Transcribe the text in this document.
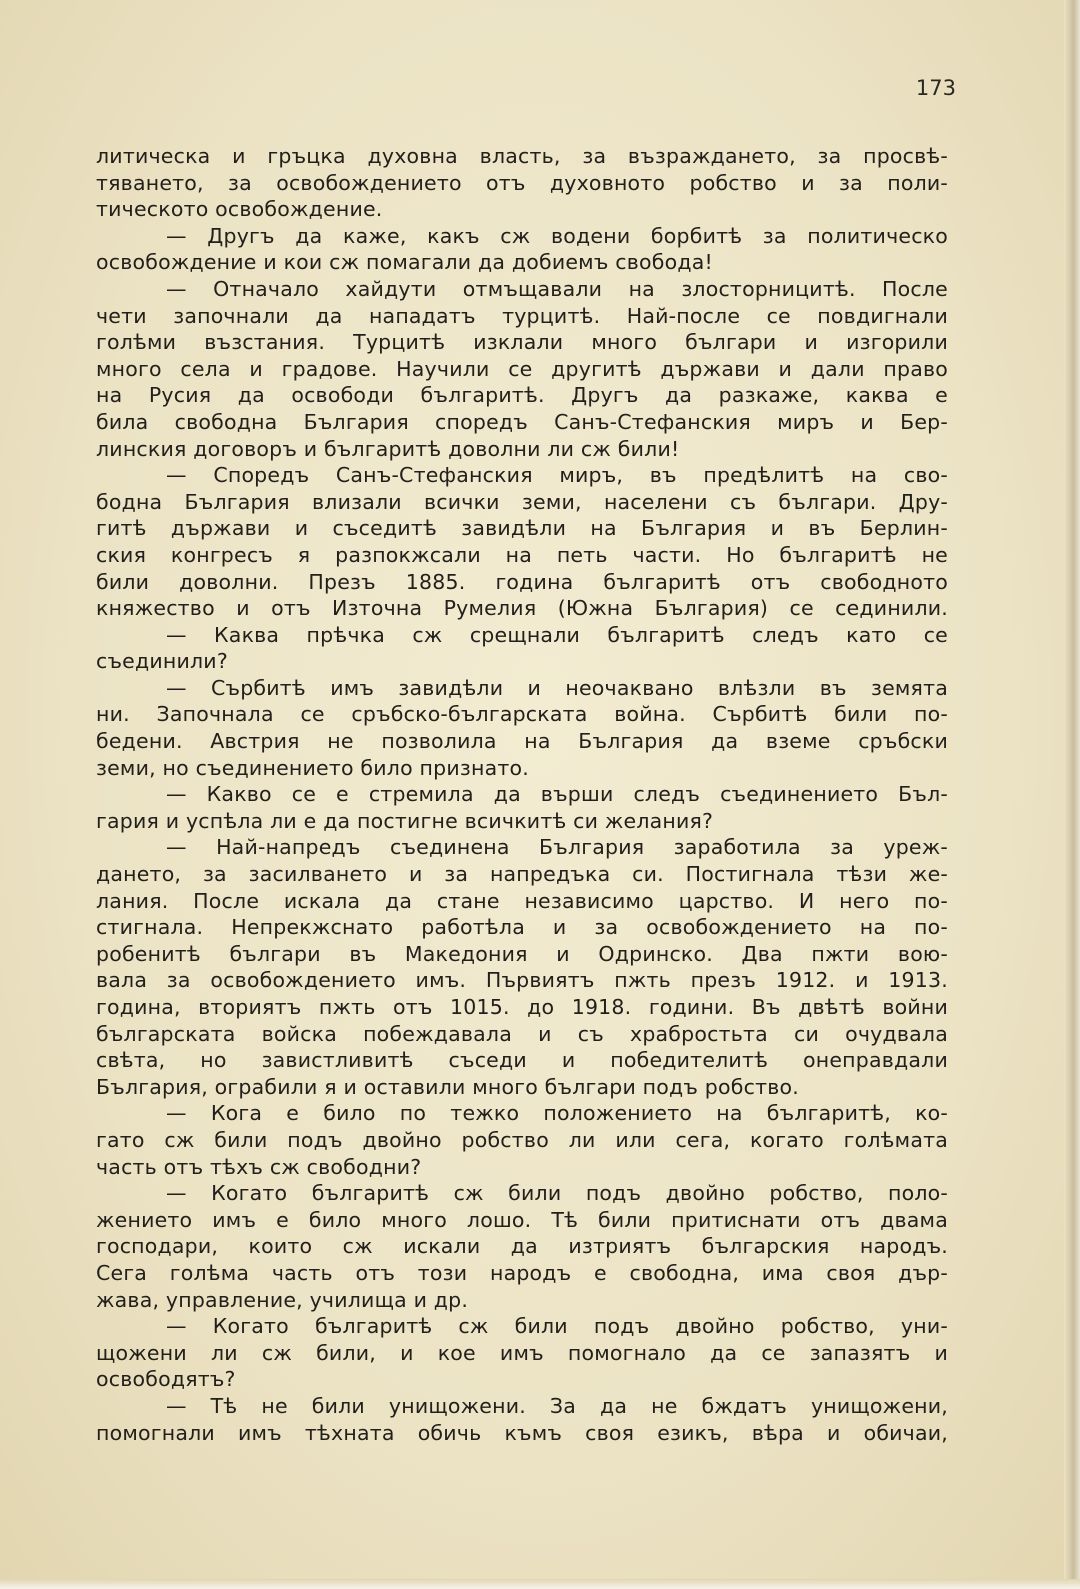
173
литическа и гръцка духовна власть, за възраждането, за просвѣ-
тяването, за освобождението отъ духовното робство и за поли-
тическото освобождение.
— Другъ да каже, какъ сж водени борбитѣ за политическо
освобождение и кои сж помагали да добиемъ свобода!
— Отначало хайдути отмъщавали на злосторницитѣ. После
чети започнали да нападатъ турцитѣ. Най-после се повдигнали
голѣми възстания. Турцитѣ изклали много българи и изгорили
много села и градове. Научили се другитѣ държави и дали право
на Русия да освободи българитѣ. Другъ да разкаже, каква е
била свободна България споредъ Санъ-Стефанския миръ и Бер-
линския договоръ и българитѣ доволни ли сж били!
— Споредъ Санъ-Стефанския миръ, въ предѣлитѣ на сво-
бодна България влизали всички земи, населени съ българи. Дру-
гитѣ държави и съседитѣ завидѣли на България и въ Берлин-
ския конгресъ я разпокжсали на петь части. Но българитѣ не
били доволни. Презъ 1885. година българитѣ отъ свободното
княжество и отъ Източна Румелия (Южна България) се сединили.
— Каква прѣчка сж срещнали българитѣ следъ като се
съединили?
— Сърбитѣ имъ завидѣли и неочаквано влѣзли въ земята
ни. Започнала се сръбско-българската война. Сърбитѣ били по-
бедени. Австрия не позволила на България да вземе сръбски
земи, но съединението било признато.
— Какво се е стремила да върши следъ съединението Бъл-
гария и успѣла ли е да постигне всичкитѣ си желания?
— Най-напредъ съединена България заработила за уреж-
дането, за засилването и за напредъка си. Постигнала тѣзи же-
лания. После искала да стане независимо царство. И него по-
стигнала. Непрекжснато работѣла и за освобождението на по-
робенитѣ българи въ Македония и Одринско. Два пжти вою-
вала за освобождението имъ. Първиятъ пжть презъ 1912. и 1913.
година, вториятъ пжть отъ 1015. до 1918. години. Въ двѣтѣ войни
българската войска побеждавала и съ храбростьта си очудвала
свѣта, но завистливитѣ съседи и победителитѣ онеправдали
България, ограбили я и оставили много българи подъ робство.
— Кога е било по тежко положението на българитѣ, ко-
гато сж били подъ двойно робство ли или сега, когато голѣмата
часть отъ тѣхъ сж свободни?
— Когато българитѣ сж били подъ двойно робство, поло-
жението имъ е било много лошо. Тѣ били притиснати отъ двама
господари, които сж искали да изтриятъ българския народъ.
Сега голѣма часть отъ този народъ е свободна, има своя дър-
жава, управление, училища и др.
— Когато българитѣ сж били подъ двойно робство, уни-
щожени ли сж били, и кое имъ помогнало да се запазятъ и
освободятъ?
— Тѣ не били унищожени. За да не бждатъ унищожени,
помогнали имъ тѣхната обичь къмъ своя езикъ, вѣра и обичаи,
